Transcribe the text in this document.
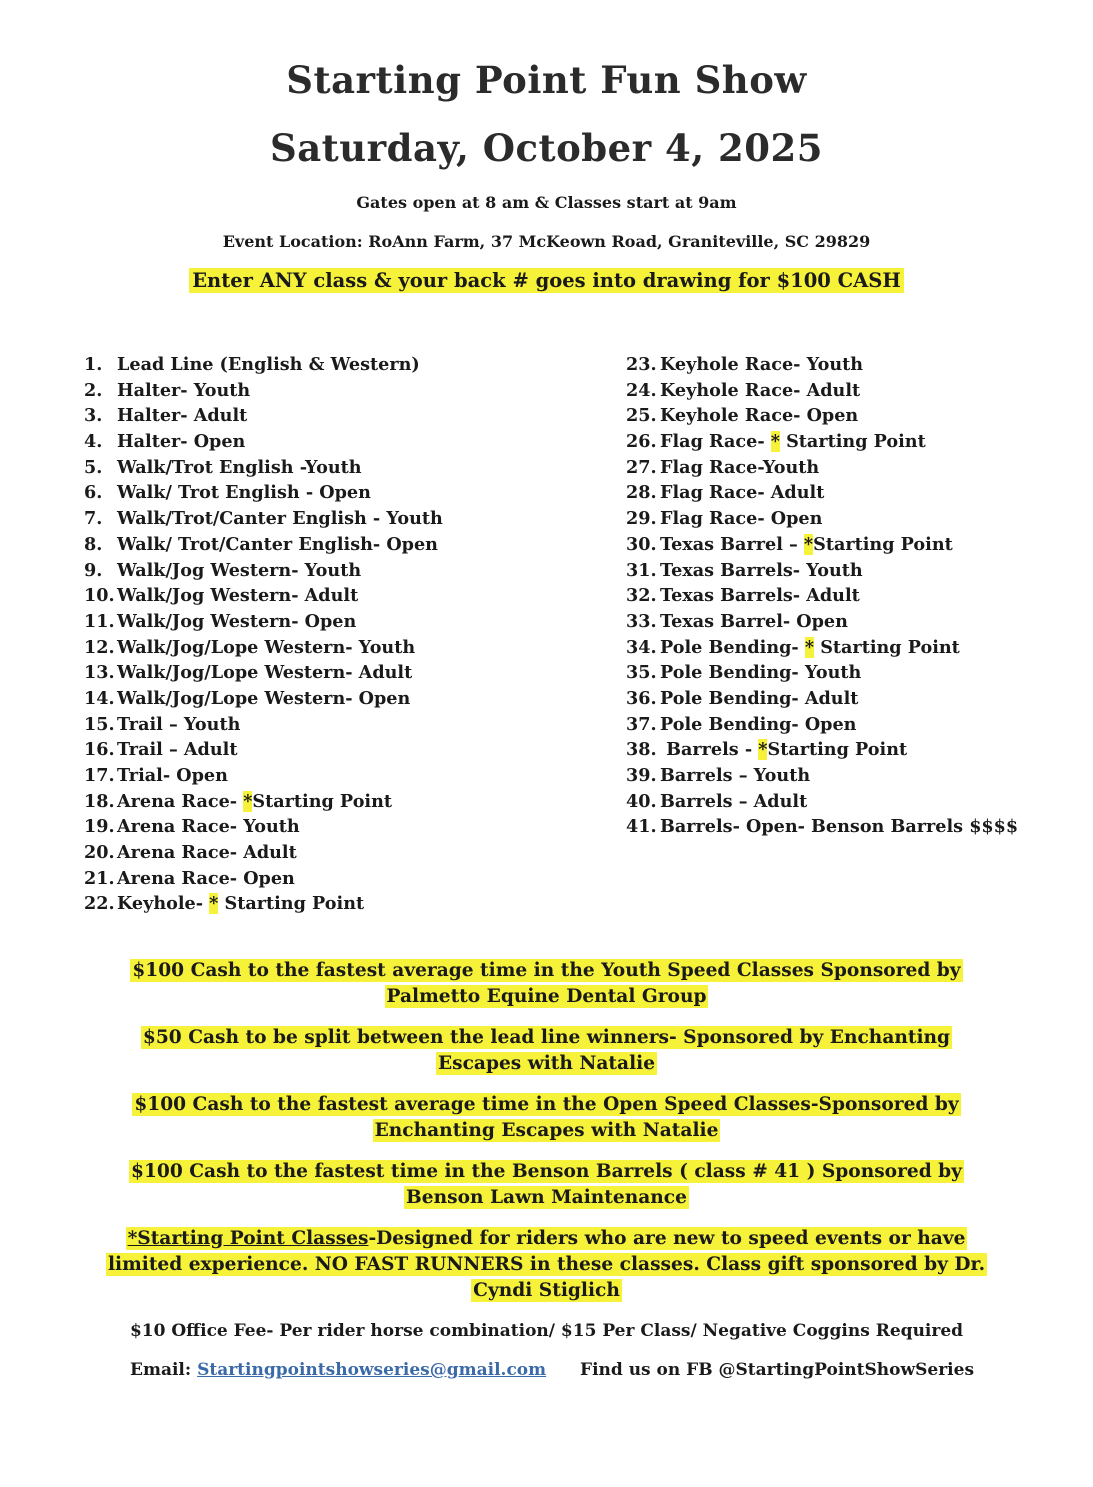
Starting Point Fun Show
Saturday, October 4, 2025

Gates open at 8 am & Classes start at 9am

Event Location: RoAnn Farm, 37 McKeown Road, Graniteville, SC 29829

Enter ANY class & your back # goes into drawing for $100 CASH

1. Lead Line (English & Western)
2. Halter- Youth
3. Halter- Adult
4. Halter- Open
5. Walk/Trot English -Youth
6. Walk/ Trot English - Open
7. Walk/Trot/Canter English - Youth
8. Walk/ Trot/Canter English- Open
9. Walk/Jog Western- Youth
10. Walk/Jog Western- Adult
11. Walk/Jog Western- Open
12. Walk/Jog/Lope Western- Youth
13. Walk/Jog/Lope Western- Adult
14. Walk/Jog/Lope Western- Open
15. Trail – Youth
16. Trail – Adult
17. Trial- Open
18. Arena Race- *Starting Point
19. Arena Race- Youth
20. Arena Race- Adult
21. Arena Race- Open
22. Keyhole- * Starting Point
23. Keyhole Race- Youth
24. Keyhole Race- Adult
25. Keyhole Race- Open
26. Flag Race- * Starting Point
27. Flag Race-Youth
28. Flag Race- Adult
29. Flag Race- Open
30. Texas Barrel – *Starting Point
31. Texas Barrels- Youth
32. Texas Barrels- Adult
33. Texas Barrel- Open
34. Pole Bending- * Starting Point
35. Pole Bending- Youth
36. Pole Bending- Adult
37. Pole Bending- Open
38. Barrels - *Starting Point
39. Barrels – Youth
40. Barrels – Adult
41. Barrels- Open- Benson Barrels $$$$

$100 Cash to the fastest average time in the Youth Speed Classes Sponsored by Palmetto Equine Dental Group

$50 Cash to be split between the lead line winners- Sponsored by Enchanting Escapes with Natalie

$100 Cash to the fastest average time in the Open Speed Classes-Sponsored by Enchanting Escapes with Natalie

$100 Cash to the fastest time in the Benson Barrels ( class # 41 ) Sponsored by Benson Lawn Maintenance

*Starting Point Classes-Designed for riders who are new to speed events or have limited experience. NO FAST RUNNERS in these classes. Class gift sponsored by Dr. Cyndi Stiglich

$10 Office Fee- Per rider horse combination/ $15 Per Class/ Negative Coggins Required

Email: Startingpointshowseries@gmail.com Find us on FB @StartingPointShowSeries
